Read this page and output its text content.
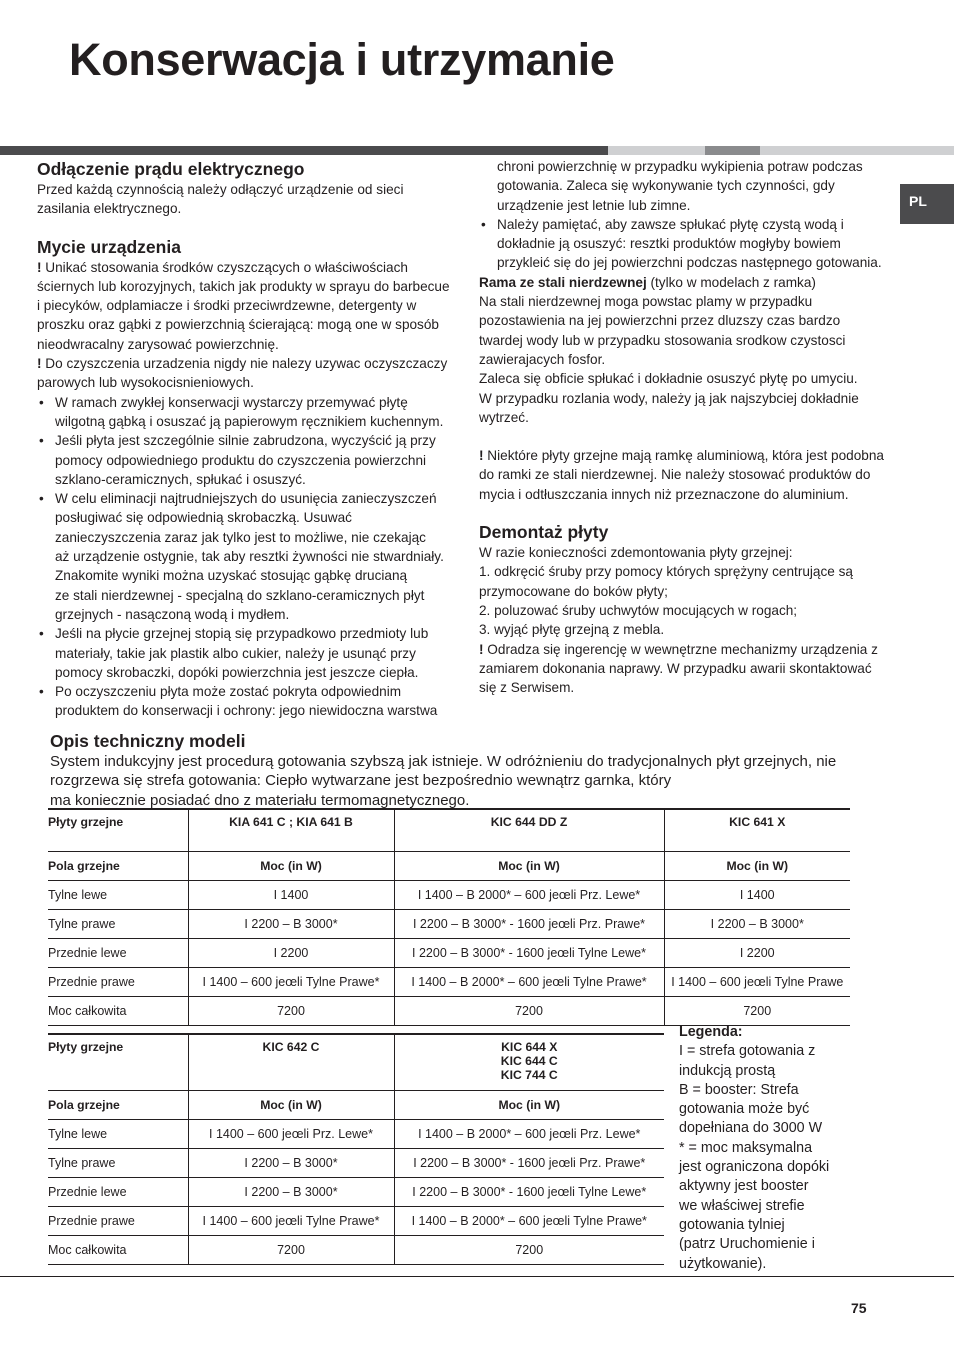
Konserwacja i utrzymanie
PL
Odłączenie prądu elektrycznego

Przed każdą czynnością należy odłączyć urządzenie od sieci

zasilania elektrycznego.

Mycie urządzenia

! Unikać stosowania środków czyszczących o właściwościach

ściernych lub korozyjnych, takich jak produkty w sprayu do barbecue

i piecyków, odplamiacze i środki przeciwrdzewne, detergenty w

proszku oraz gąbki z powierzchnią ścierającą: mogą one w sposób

nieodwracalny zarysować powierzchnię.

! Do czyszczenia urzadzenia nigdy nie nalezy uzywac oczyszczaczy

parowych lub wysokocisnieniowych.

• W ramach zwykłej konserwacji wystarczy przemywać płytę
wilgotną gąbką i osuszać ją papierowym ręcznikiem kuchennym.
• Jeśli płyta jest szczególnie silnie zabrudzona, wyczyścić ją przy
pomocy odpowiedniego produktu do czyszczenia powierzchni
szklano-ceramicznych, spłukać i osuszyć.
• W celu eliminacji najtrudniejszych do usunięcia zanieczyszczeń
posługiwać się odpowiednią skrobaczką. Usuwać
zanieczyszczenia zaraz jak tylko jest to możliwe, nie czekając
aż urządzenie ostygnie, tak aby resztki żywności nie stwardniały.
Znakomite wyniki można uzyskać stosując gąbkę drucianą
ze stali nierdzewnej - specjalną do szklano-ceramicznych płyt
grzejnych - nasączoną wodą i mydłem.
• Jeśli na płycie grzejnej stopią się przypadkowo przedmioty lub
materiały, takie jak plastik albo cukier, należy je usunąć przy
pomocy skrobaczki, dopóki powierzchnia jest jeszcze ciepła.
• Po oczyszczeniu płyta może zostać pokryta odpowiednim
produktem do konserwacji i ochrony: jego niewidoczna warstwa

chroni powierzchnię w przypadku wykipienia potraw podczas

gotowania. Zaleca się wykonywanie tych czynności, gdy

urządzenie jest letnie lub zimne.

• Należy pamiętać, aby zawsze spłukać płytę czystą wodą i
dokładnie ją osuszyć: resztki produktów mogłyby bowiem
przykleić się do jej powierzchni podczas następnego gotowania.

Rama ze stali nierdzewnej (tylko w modelach z ramka)

Na stali nierdzewnej moga powstac plamy w przypadku

pozostawienia na jej powierzchni przez dluzszy czas bardzo

twardej wody lub w przypadku stosowania srodkow czystosci

zawierajacych fosfor.

Zaleca się obficie spłukać i dokładnie osuszyć płytę po umyciu.

W przypadku rozlania wody, należy ją jak najszybciej dokładnie

wytrzeć.

! Niektóre płyty grzejne mają ramkę aluminiową, która jest podobna

do ramki ze stali nierdzewnej. Nie należy stosować produktów do

mycia i odtłuszczania innych niż przeznaczone do aluminium.

Demontaż płyty

W razie konieczności zdemontowania płyty grzejnej:

1. odkręcić śruby przy pomocy których sprężyny centrujące są

przymocowane do boków płyty;

2. poluzować śruby uchwytów mocujących w rogach;

3. wyjąć płytę grzejną z mebla.

! Odradza się ingerencję w wewnętrzne mechanizmy urządzenia z

zamiarem dokonania naprawy. W przypadku awarii skontaktować

się z Serwisem.

Opis techniczny modeli

System indukcyjny jest procedurą gotowania szybszą jak istnieje. W odróżnieniu do tradycjonalnych płyt grzejnych, nie

rozgrzewa się strefa gotowania: Ciepło wytwarzane jest bezpośrednio wewnątrz garnka, który

ma koniecznie posiadać dno z materiału termomagnetycznego.

Płyty grzejne	KIA 641 C ; KIA 641 B	KIC 644 DD Z	KIC 641 X
Pola grzejne	Moc (in W)	Moc (in W)	Moc (in W)
Tylne lewe	I 1400	I 1400 – B 2000* – 600 jeœli Prz. Lewe*	I 1400
Tylne prawe	I 2200 – B 3000*	I 2200 – B 3000* - 1600 jeœli Prz. Prawe*	I 2200 – B 3000*
Przednie lewe	I 2200	I 2200 – B 3000* - 1600 jeœli Tylne Lewe*	I 2200
Przednie prawe	I 1400 – 600 jeœli Tylne Prawe*	I 1400 – B 2000* – 600 jeœli Tylne Prawe*	I 1400 – 600 jeœli Tylne Prawe
Moc całkowita	7200	7200	7200
Płyty grzejne	KIC 642 C	KIC 644 X
KIC 644 C
KIC 744 C

Pola grzejne	Moc (in W)	Moc (in W)
Tylne lewe	I 1400 – 600 jeœli Prz. Lewe*	I 1400 – B 2000* – 600 jeœli Prz. Lewe*
Tylne prawe	I 2200 – B 3000*	I 2200 – B 3000* - 1600 jeœli Prz. Prawe*
Przednie lewe	I 2200 – B 3000*	I 2200 – B 3000* - 1600 jeœli Tylne Lewe*
Przednie prawe	I 1400 – 600 jeœli Tylne Prawe*	I 1400 – B 2000* – 600 jeœli Tylne Prawe*
Moc całkowita	7200	7200

Legenda:

I = strefa gotowania z

indukcją prostą

B = booster: Strefa

gotowania może być

dopełniana do 3000 W

* = moc maksymalna

jest ograniczona dopóki

aktywny jest booster

we właściwej strefie

gotowania tylniej

(patrz Uruchomienie i

użytkowanie).

75
